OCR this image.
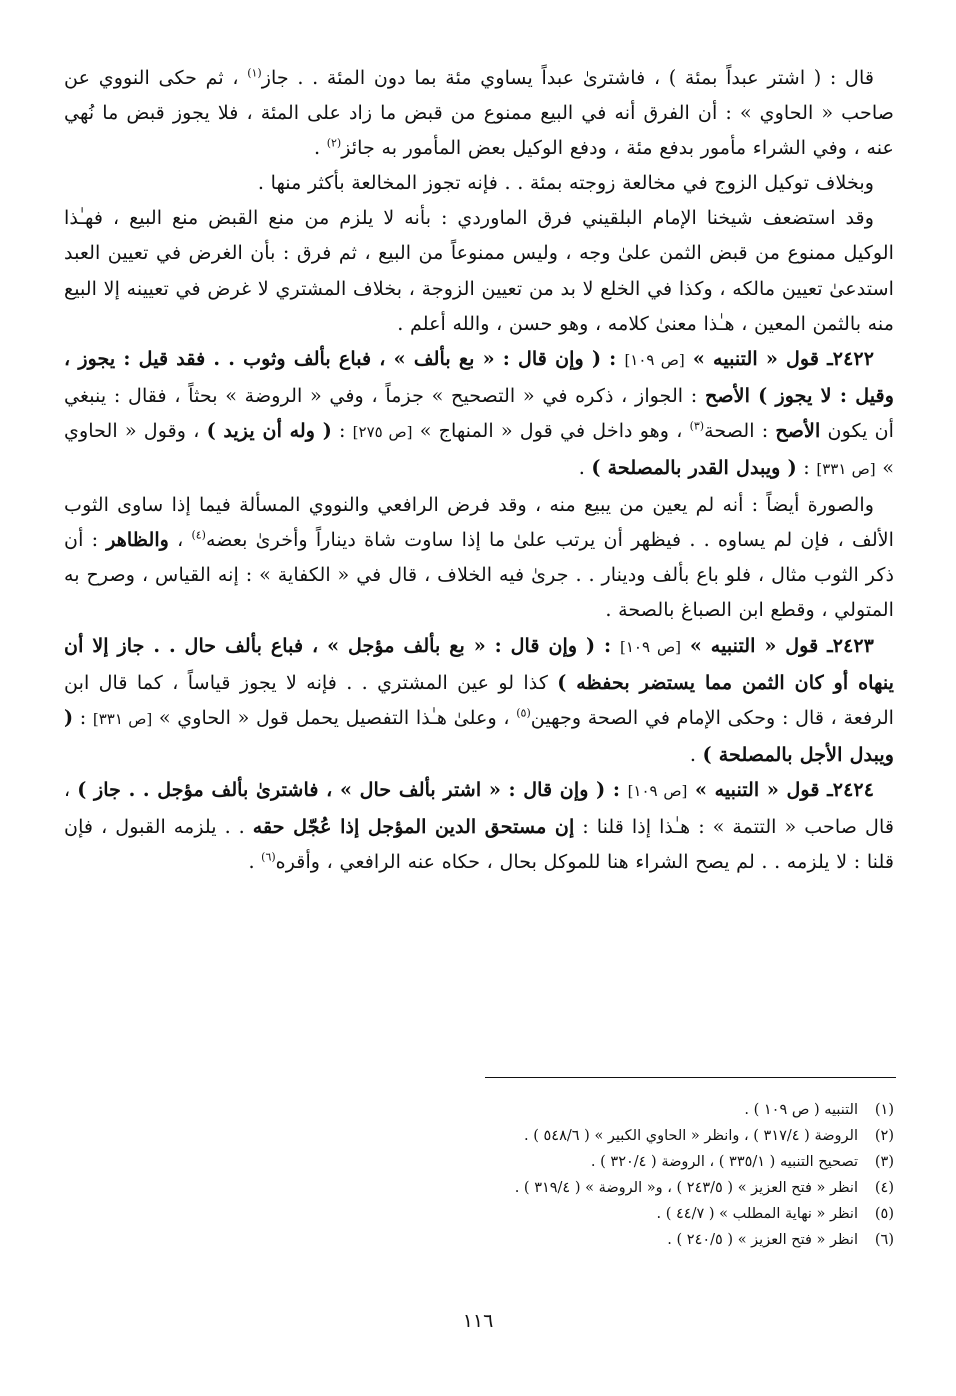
قال : ( اشتر عبداً بمئة ) ، فاشترىٰ عبداً يساوي مئة بما دون المئة . . جاز$^{(١)}$ ، ثم حكى النووي عن صاحب « الحاوي » : أن الفرق أنه في البيع ممنوع من قبض ما زاد على المئة ، فلا يجوز قبض ما نُهي عنه ، وفي الشراء مأمور بدفع مئة ، ودفع الوكيل بعض المأمور به جائز$^{(٢)}$ .

وبخلاف توكيل الزوج في مخالعة زوجته بمئة . . فإنه تجوز المخالعة بأكثر منها .

وقد استضعف شيخنا الإمام البلقيني فرق الماوردي : بأنه لا يلزم من منع القبض منع البيع ، فهـٰذا الوكيل ممنوع من قبض الثمن علىٰ وجه ، وليس ممنوعاً من البيع ، ثم فرق : بأن الغرض في تعيين العبد استدعىٰ تعيين مالكه ، وكذا في الخلع لا بد من تعيين الزوجة ، بخلاف المشتري لا غرض في تعيينه إلا البيع منه بالثمن المعين ، هـٰذا معنىٰ كلامه ، وهو حسن ، والله أعلم .

٢٤٢٢ـ قول « التنبيه » [ص ١٠٩] : ( وإن قال : « بع بألف » ، فباع بألف وثوب . . فقد قيل : يجوز ، وقيل : لا يجوز ) الأصح : الجواز ، ذكره في « التصحيح » جزماً ، وفي « الروضة » بحثاً ، فقال : ينبغي أن يكون الأصح : الصحة$^{(٣)}$ ، وهو داخل في قول « المنهاج » [ص ٢٧٥] : ( وله أن يزيد ) ، وقول « الحاوي » [ص ٣٣١] : ( ويبدل القدر بالمصلحة ) .

والصورة أيضاً : أنه لم يعين من يبيع منه ، وقد فرض الرافعي والنووي المسألة فيما إذا ساوى الثوب الألف ، فإن لم يساوه . . فيظهر أن يرتب علىٰ ما إذا ساوت شاة ديناراً وأخرىٰ بعضه$^{(٤)}$ ، والظاهر : أن ذكر الثوب مثال ، فلو باع بألف ودينار . . جرىٰ فيه الخلاف ، قال في « الكفاية » : إنه القياس ، وصرح به المتولي ، وقطع ابن الصباغ بالصحة .

٢٤٢٣ـ قول « التنبيه » [ص ١٠٩] : ( وإن قال : « بع بألف مؤجل » ، فباع بألف حال . . جاز إلا أن ينهاه أو كان الثمن مما يستضر بحفظه ) كذا لو عين المشتري . . فإنه لا يجوز قياساً ، كما قال ابن الرفعة ، قال : وحكى الإمام في الصحة وجهين$^{(٥)}$ ، وعلىٰ هـٰذا التفصيل يحمل قول « الحاوي » [ص ٣٣١] : ( ويبدل الأجل بالمصلحة ) .

٢٤٢٤ـ قول « التنبيه » [ص ١٠٩] : ( وإن قال : « اشتر بألف حال » ، فاشترىٰ بألف مؤجل . . جاز ) ، قال صاحب « التتمة » : هـٰذا إذا قلنا : إن مستحق الدين المؤجل إذا عُجّل حقه . . يلزمه القبول ، فإن قلنا : لا يلزمه . . لم يصح الشراء هنا للموكل بحال ، حكاه عنه الرافعي ، وأقره$^{(٦)}$ .

(١)
التنبيه ( ص ١٠٩ ) .
(٢)
الروضة ( ٣١٧/٤ ) ، وانظر « الحاوي الكبير » ( ٥٤٨/٦ ) .
(٣)
تصحيح التنبيه ( ٣٣٥/١ ) ، الروضة ( ٣٢٠/٤ ) .
(٤)
انظر « فتح العزيز » ( ٢٤٣/٥ ) ، و« الروضة » ( ٣١٩/٤ ) .
(٥)
انظر « نهاية المطلب » ( ٤٤/٧ ) .
(٦)
انظر « فتح العزيز » ( ٢٤٠/٥ ) .
١١٦
